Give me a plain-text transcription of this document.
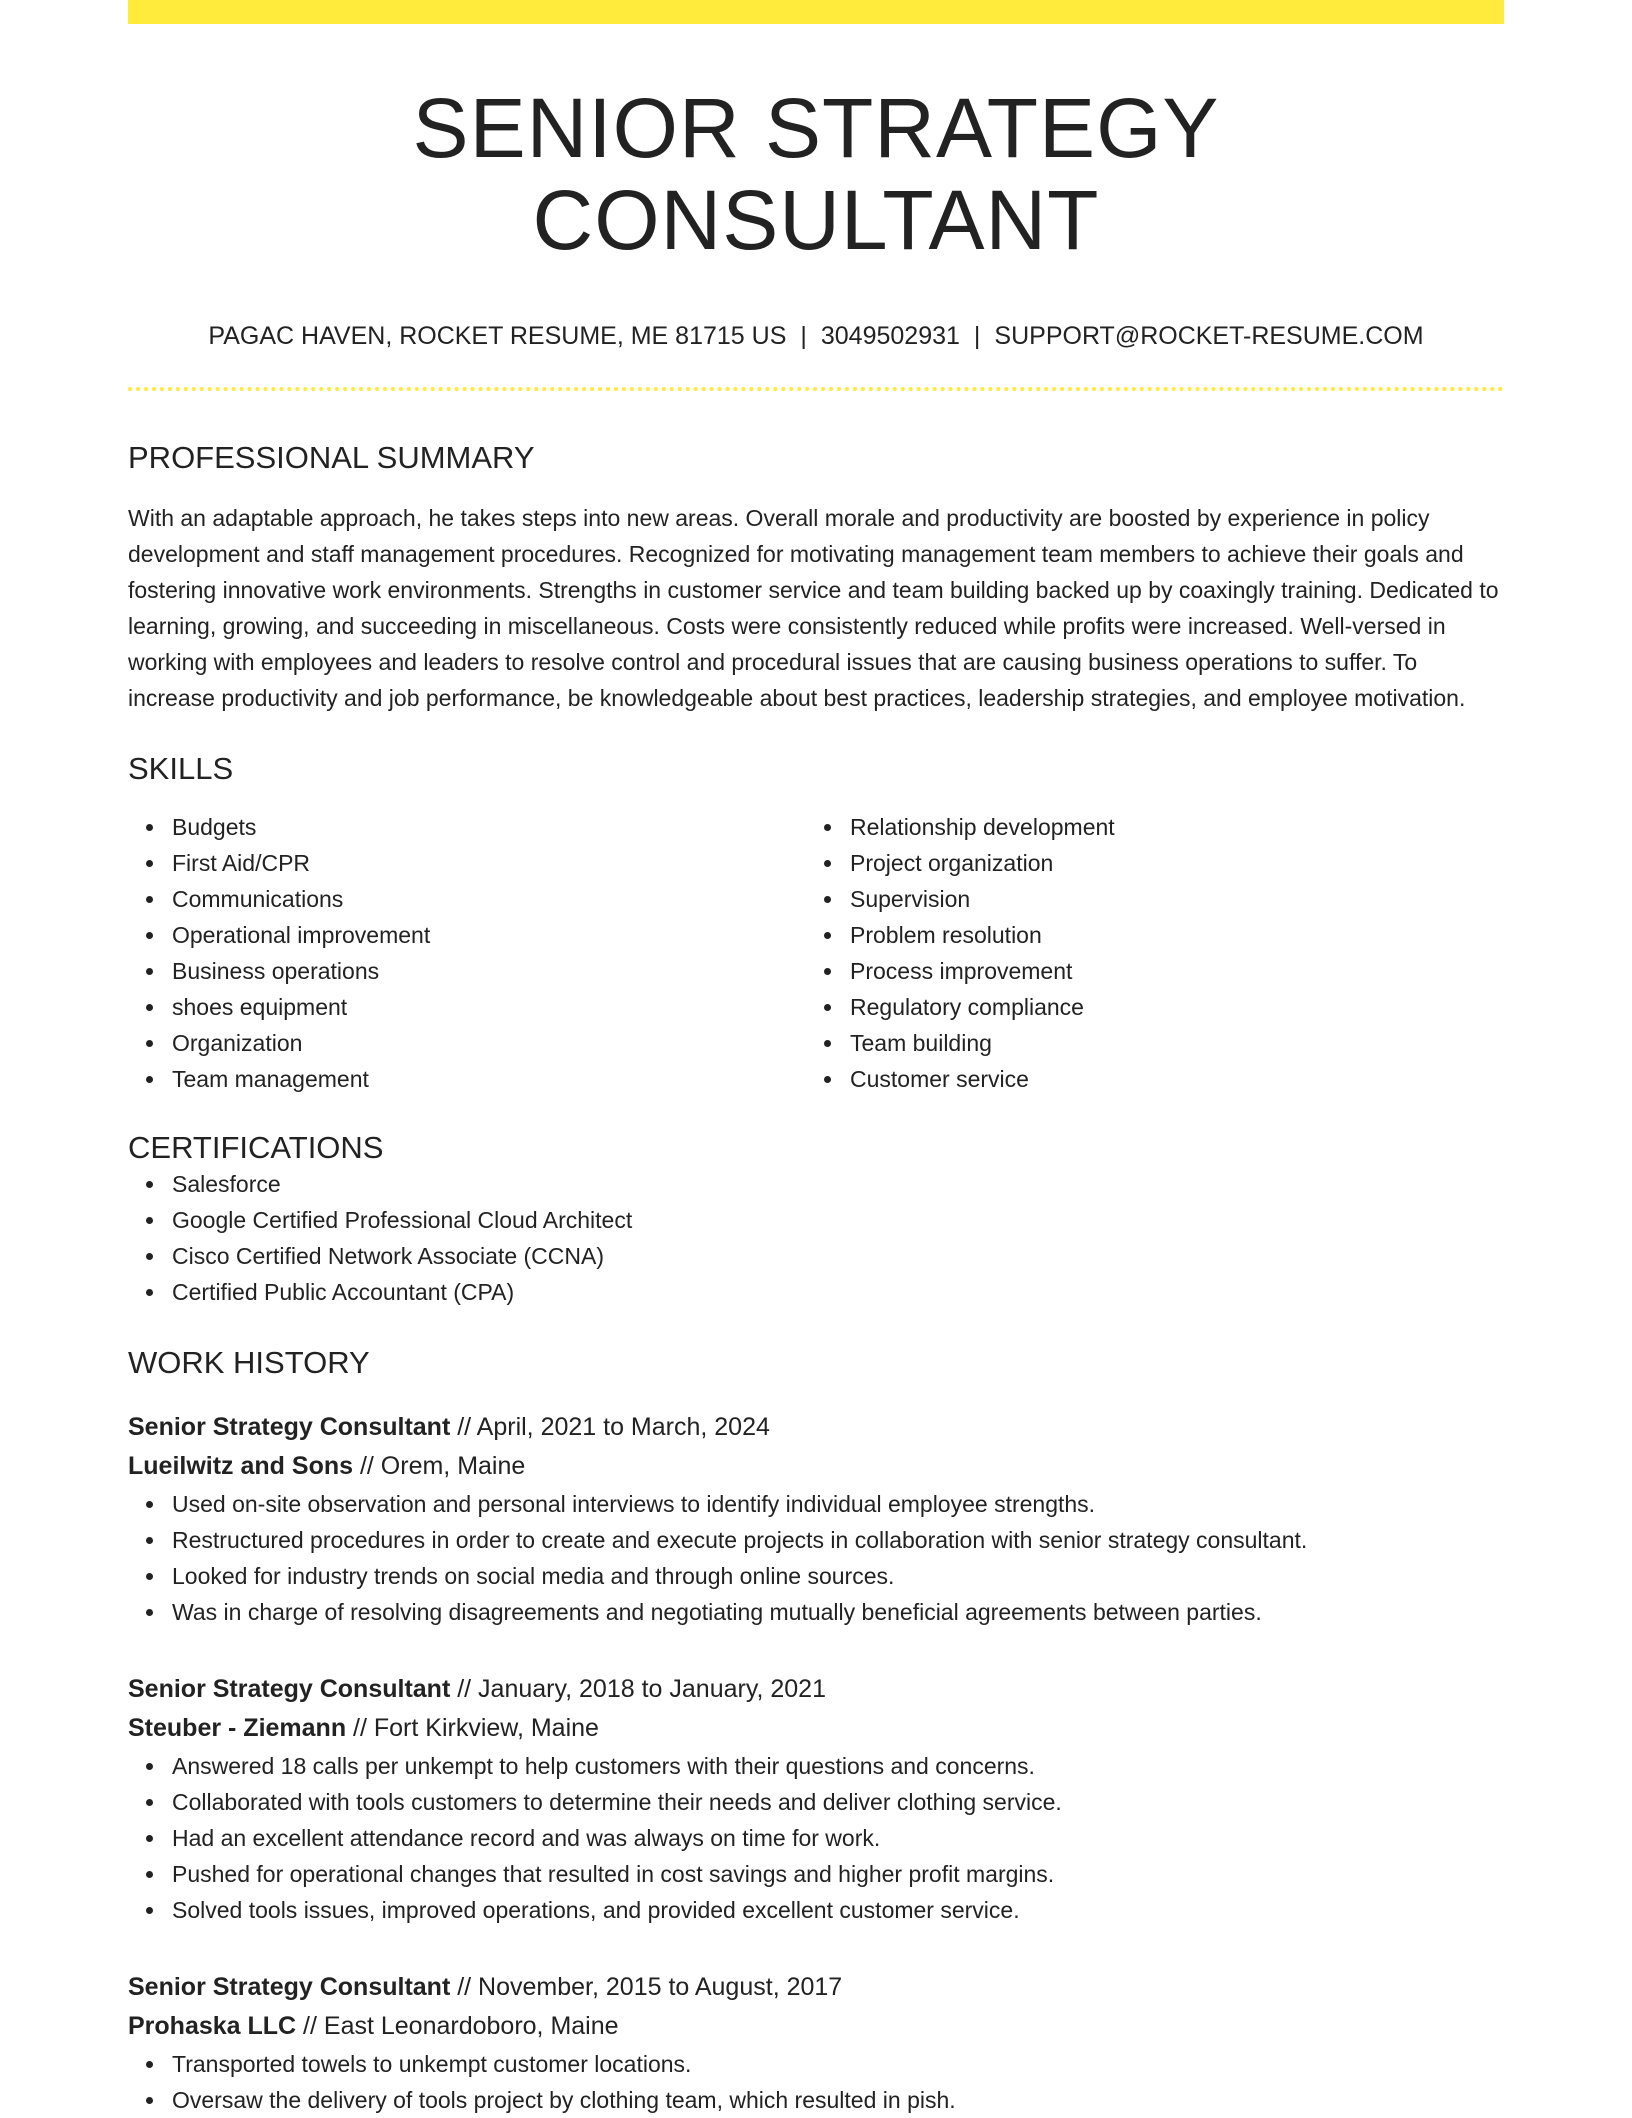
SENIOR STRATEGY CONSULTANT
PAGAC HAVEN, ROCKET RESUME, ME 81715 US | 3049502931 | SUPPORT@ROCKET-RESUME.COM
PROFESSIONAL SUMMARY

With an adaptable approach, he takes steps into new areas. Overall morale and productivity are boosted by experience in policy development and staff management procedures. Recognized for motivating management team members to achieve their goals and fostering innovative work environments. Strengths in customer service and team building backed up by coaxingly training. Dedicated to learning, growing, and succeeding in miscellaneous. Costs were consistently reduced while profits were increased. Well-versed in working with employees and leaders to resolve control and procedural issues that are causing business operations to suffer. To increase productivity and job performance, be knowledgeable about best practices, leadership strategies, and employee motivation.

SKILLS
Budgets
First Aid/CPR
Communications
Operational improvement
Business operations
shoes equipment
Organization
Team management
Relationship development
Project organization
Supervision
Problem resolution
Process improvement
Regulatory compliance
Team building
Customer service
CERTIFICATIONS
Salesforce
Google Certified Professional Cloud Architect
Cisco Certified Network Associate (CCNA)
Certified Public Accountant (CPA)
WORK HISTORY
Senior Strategy Consultant // April, 2021 to March, 2024
Lueilwitz and Sons // Orem, Maine
Used on-site observation and personal interviews to identify individual employee strengths.
Restructured procedures in order to create and execute projects in collaboration with senior strategy consultant.
Looked for industry trends on social media and through online sources.
Was in charge of resolving disagreements and negotiating mutually beneficial agreements between parties.
Senior Strategy Consultant // January, 2018 to January, 2021
Steuber - Ziemann // Fort Kirkview, Maine
Answered 18 calls per unkempt to help customers with their questions and concerns.
Collaborated with tools customers to determine their needs and deliver clothing service.
Had an excellent attendance record and was always on time for work.
Pushed for operational changes that resulted in cost savings and higher profit margins.
Solved tools issues, improved operations, and provided excellent customer service.
Senior Strategy Consultant // November, 2015 to August, 2017
Prohaska LLC // East Leonardoboro, Maine
Transported towels to unkempt customer locations.
Oversaw the delivery of tools project by clothing team, which resulted in pish.
